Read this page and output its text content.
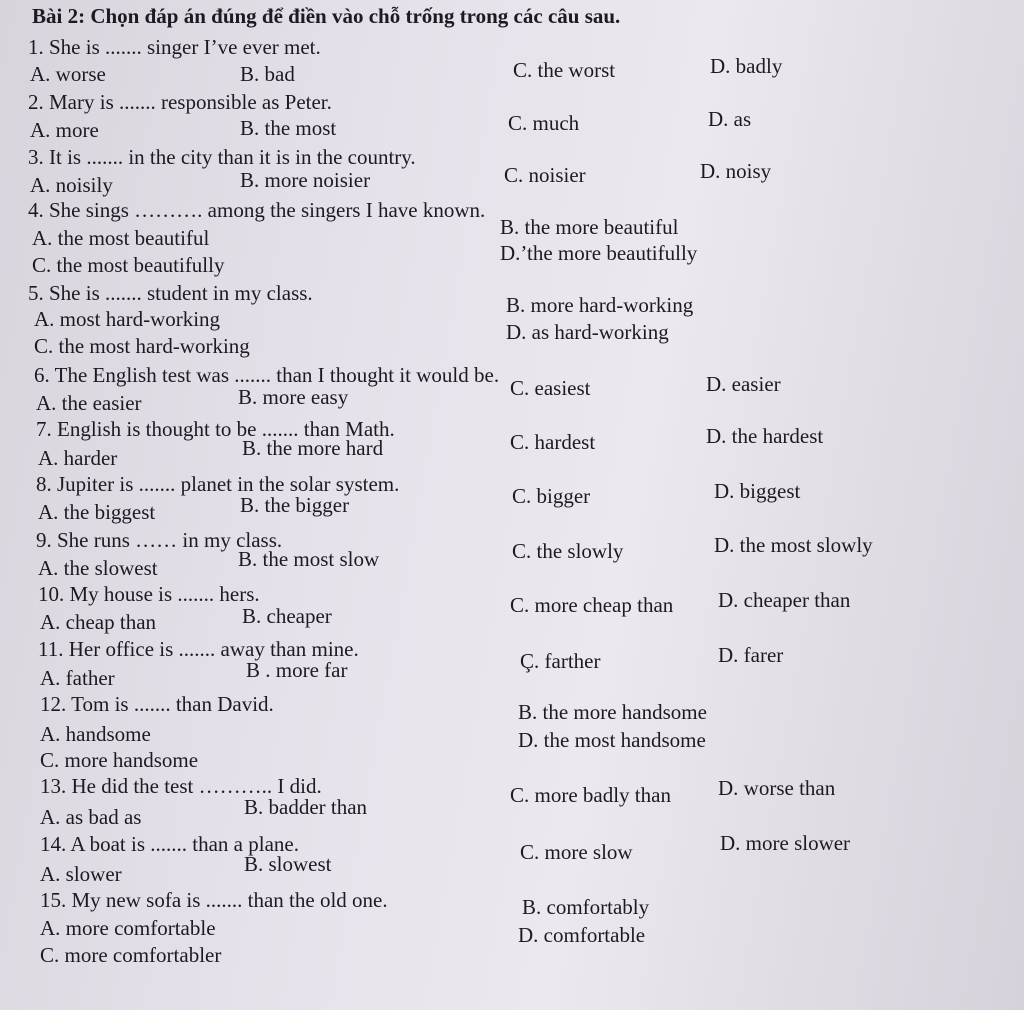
Bài 2: Chọn đáp án đúng để điền vào chỗ trống trong các câu sau.
1. She is ....... singer I’ve ever met.
A. worse	B. bad	C. the worst	D. badly
2. Mary is ....... responsible as Peter.
A. more	B. the most	C. much	D. as
3. It is ....... in the city than it is in the country.
A. noisily	B. more noisier	C. noisier	D. noisy
4. She sings ………. among the singers I have known.
A. the most beautiful	B. the more beautiful
C. the most beautifully	D.’the more beautifully
5. She is ....... student in my class.
A. most hard-working
B. more hard-working
C. the most hard-working
D. as hard-working
6. The English test was ....... than I thought it would be.
A. the easier	B. more easy	C. easiest	D. easier
7. English is thought to be ....... than Math.
A. harder	B. the more hard	C. hardest	D. the hardest
8. Jupiter is ....... planet in the solar system.
A. the biggest	B. the bigger	C. bigger	D. biggest
9. She runs …… in my class.
A. the slowest	B. the most slow	C. the slowly	D. the most slowly
10. My house is ....... hers.
A. cheap than	B. cheaper	C. more cheap than D. cheaper than
11. Her office is ....... away than mine.
A. father	B . more far	Ç. farther	D. farer
12. Tom is ....... than David.
A. handsome
B. the more handsome
C. more handsome
D. the most handsome
13. He did the test ……….. I did.
A. as bad as	B. badder than	C. more badly than D. worse than
14. A boat is ....... than a plane.
A. slower	B. slowest	C. more slow	D. more slower
15. My new sofa is ....... than the old one.
A. more comfortable
B. comfortably
C. more comfortabler
D. comfortable
